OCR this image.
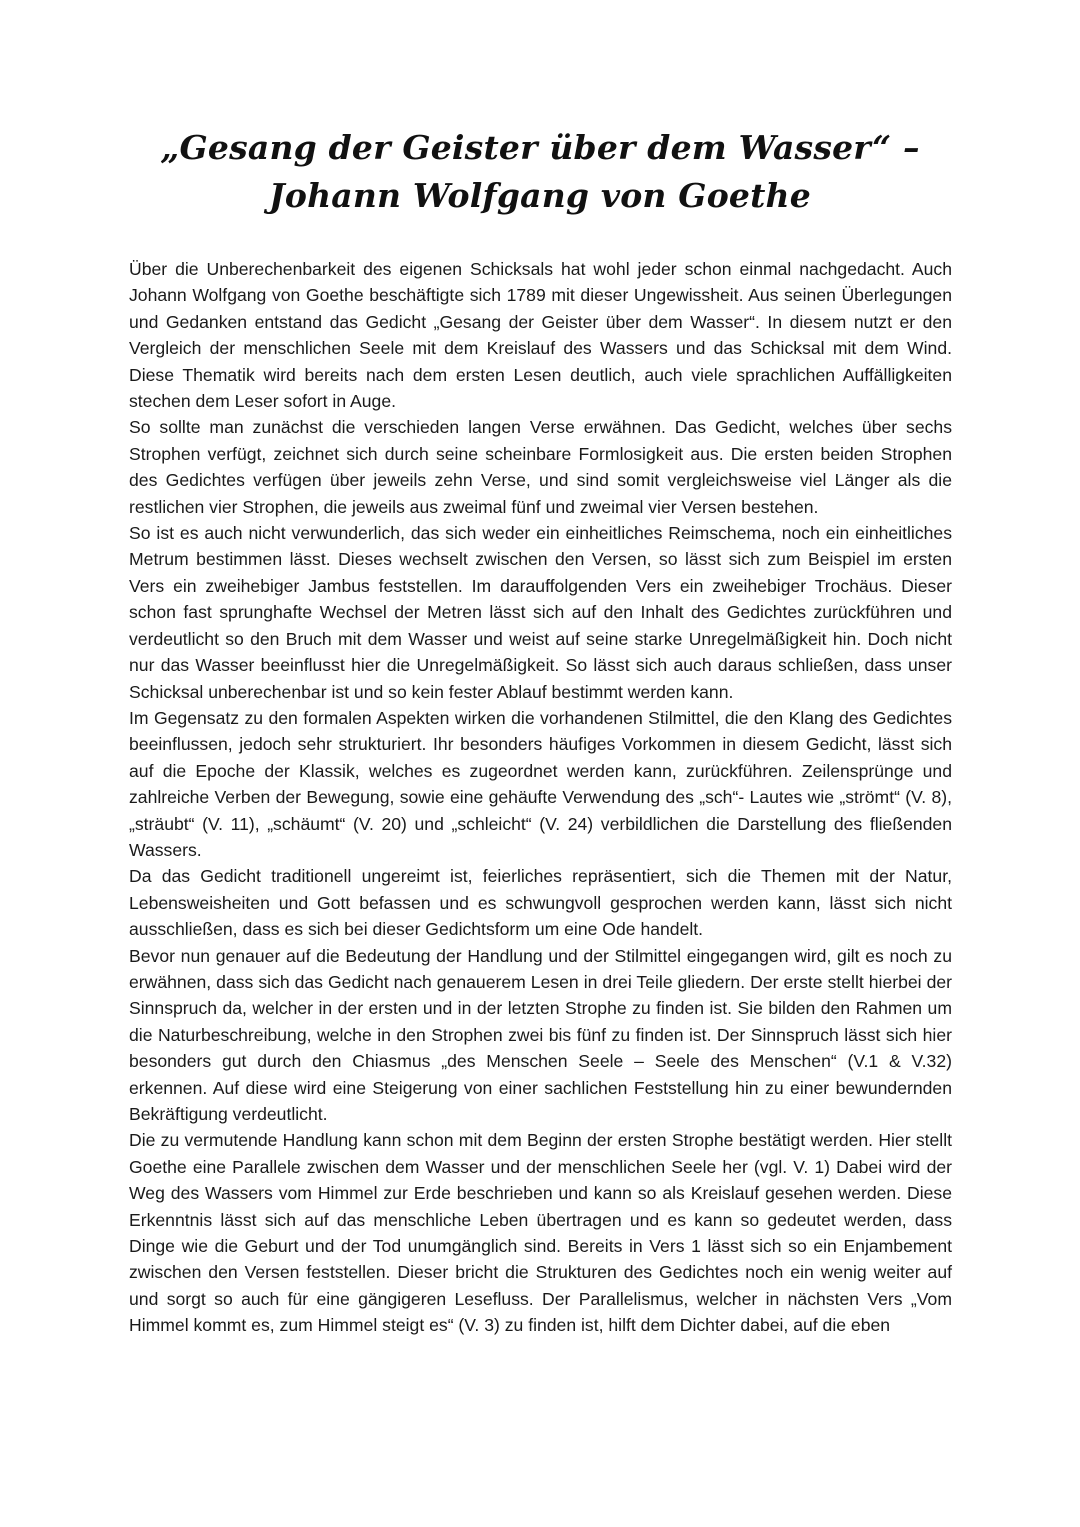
„Gesang der Geister über dem Wasser“ – Johann Wolfgang von Goethe

Über die Unberechenbarkeit des eigenen Schicksals hat wohl jeder schon einmal nachgedacht. Auch Johann Wolfgang von Goethe beschäftigte sich 1789 mit dieser Ungewissheit. Aus seinen Überlegungen und Gedanken entstand das Gedicht „Gesang der Geister über dem Wasser“. In diesem nutzt er den Vergleich der menschlichen Seele mit dem Kreislauf des Wassers und das Schicksal mit dem Wind. Diese Thematik wird bereits nach dem ersten Lesen deutlich, auch viele sprachlichen Auffälligkeiten stechen dem Leser sofort in Auge.

So sollte man zunächst die verschieden langen Verse erwähnen. Das Gedicht, welches über sechs Strophen verfügt, zeichnet sich durch seine scheinbare Formlosigkeit aus. Die ersten beiden Strophen des Gedichtes verfügen über jeweils zehn Verse, und sind somit vergleichsweise viel Länger als die restlichen vier Strophen, die jeweils aus zweimal fünf und zweimal vier Versen bestehen.

So ist es auch nicht verwunderlich, das sich weder ein einheitliches Reimschema, noch ein einheitliches Metrum bestimmen lässt. Dieses wechselt zwischen den Versen, so lässt sich zum Beispiel im ersten Vers ein zweihebiger Jambus feststellen. Im darauffolgenden Vers ein zweihebiger Trochäus. Dieser schon fast sprunghafte Wechsel der Metren lässt sich auf den Inhalt des Gedichtes zurückführen und verdeutlicht so den Bruch mit dem Wasser und weist auf seine starke Unregelmäßigkeit hin. Doch nicht nur das Wasser beeinflusst hier die Unregelmäßigkeit. So lässt sich auch daraus schließen, dass unser Schicksal unberechenbar ist und so kein fester Ablauf bestimmt werden kann.

Im Gegensatz zu den formalen Aspekten wirken die vorhandenen Stilmittel, die den Klang des Gedichtes beeinflussen, jedoch sehr strukturiert. Ihr besonders häufiges Vorkommen in diesem Gedicht, lässt sich auf die Epoche der Klassik, welches es zugeordnet werden kann, zurückführen. Zeilensprünge und zahlreiche Verben der Bewegung, sowie eine gehäufte Verwendung des „sch“- Lautes wie „strömt“ (V. 8), „sträubt“ (V. 11), „schäumt“ (V. 20) und „schleicht“ (V. 24) verbildlichen die Darstellung des fließenden Wassers.

Da das Gedicht traditionell ungereimt ist, feierliches repräsentiert, sich die Themen mit der Natur, Lebensweisheiten und Gott befassen und es schwungvoll gesprochen werden kann, lässt sich nicht ausschließen, dass es sich bei dieser Gedichtsform um eine Ode handelt.

Bevor nun genauer auf die Bedeutung der Handlung und der Stilmittel eingegangen wird, gilt es noch zu erwähnen, dass sich das Gedicht nach genauerem Lesen in drei Teile gliedern. Der erste stellt hierbei der Sinnspruch da, welcher in der ersten und in der letzten Strophe zu finden ist. Sie bilden den Rahmen um die Naturbeschreibung, welche in den Strophen zwei bis fünf zu finden ist. Der Sinnspruch lässt sich hier besonders gut durch den Chiasmus „des Menschen Seele – Seele des Menschen“ (V.1 & V.32) erkennen. Auf diese wird eine Steigerung von einer sachlichen Feststellung hin zu einer bewundernden Bekräftigung verdeutlicht.

Die zu vermutende Handlung kann schon mit dem Beginn der ersten Strophe bestätigt werden. Hier stellt Goethe eine Parallele zwischen dem Wasser und der menschlichen Seele her (vgl. V. 1) Dabei wird der Weg des Wassers vom Himmel zur Erde beschrieben und kann so als Kreislauf gesehen werden. Diese Erkenntnis lässt sich auf das menschliche Leben übertragen und es kann so gedeutet werden, dass Dinge wie die Geburt und der Tod unumgänglich sind. Bereits in Vers 1 lässt sich so ein Enjambement zwischen den Versen feststellen. Dieser bricht die Strukturen des Gedichtes noch ein wenig weiter auf und sorgt so auch für eine gängigeren Lesefluss. Der Parallelismus, welcher in nächsten Vers „Vom Himmel kommt es, zum Himmel steigt es“ (V. 3) zu finden ist, hilft dem Dichter dabei, auf die eben
